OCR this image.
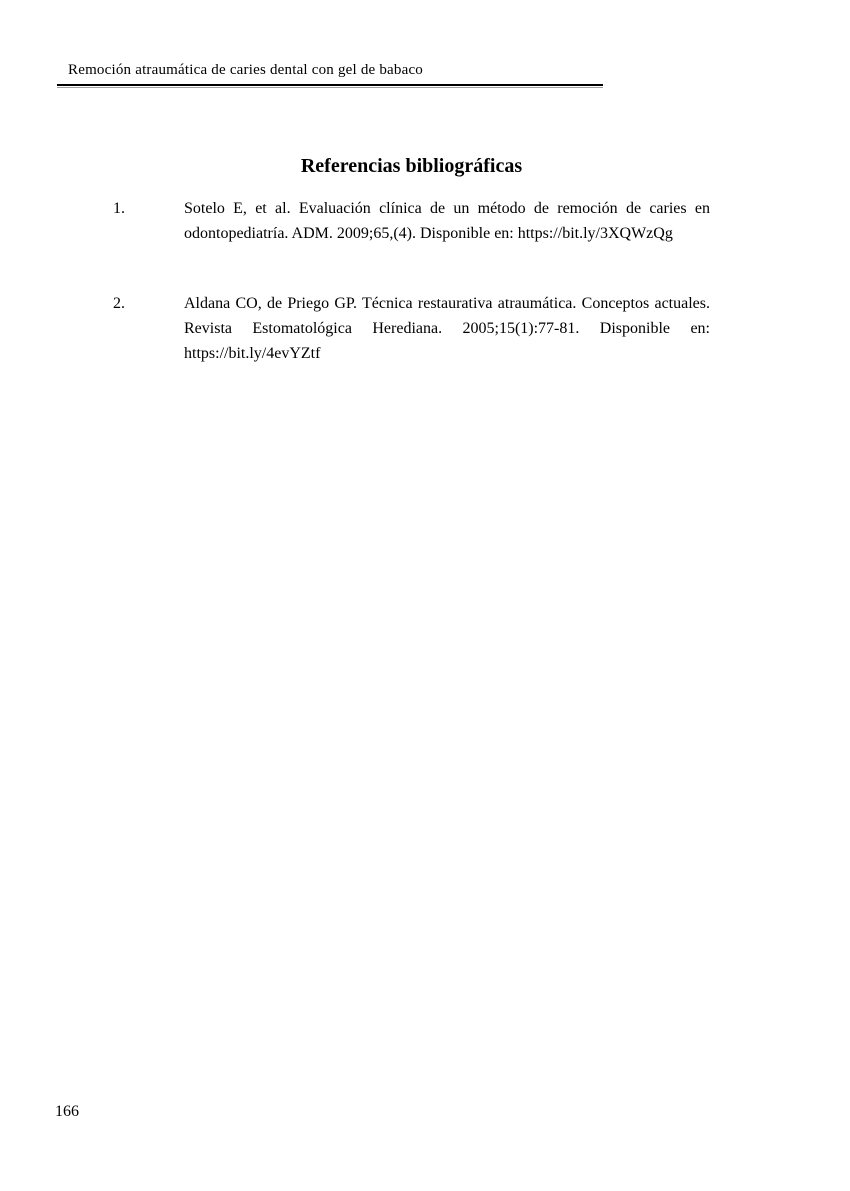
Remoción atraumática de caries dental con gel de babaco
Referencias bibliográficas
1.	Sotelo E, et al. Evaluación clínica de un método de remoción de caries en odontopediatría. ADM. 2009;65,(4). Disponible en: https://bit.ly/3XQWzQg
2.	Aldana CO, de Priego GP. Técnica restaurativa atraumática. Conceptos actuales. Revista Estomatológica Herediana. 2005;15(1):77-81. Disponible en: https://bit.ly/4evYZtf
166
